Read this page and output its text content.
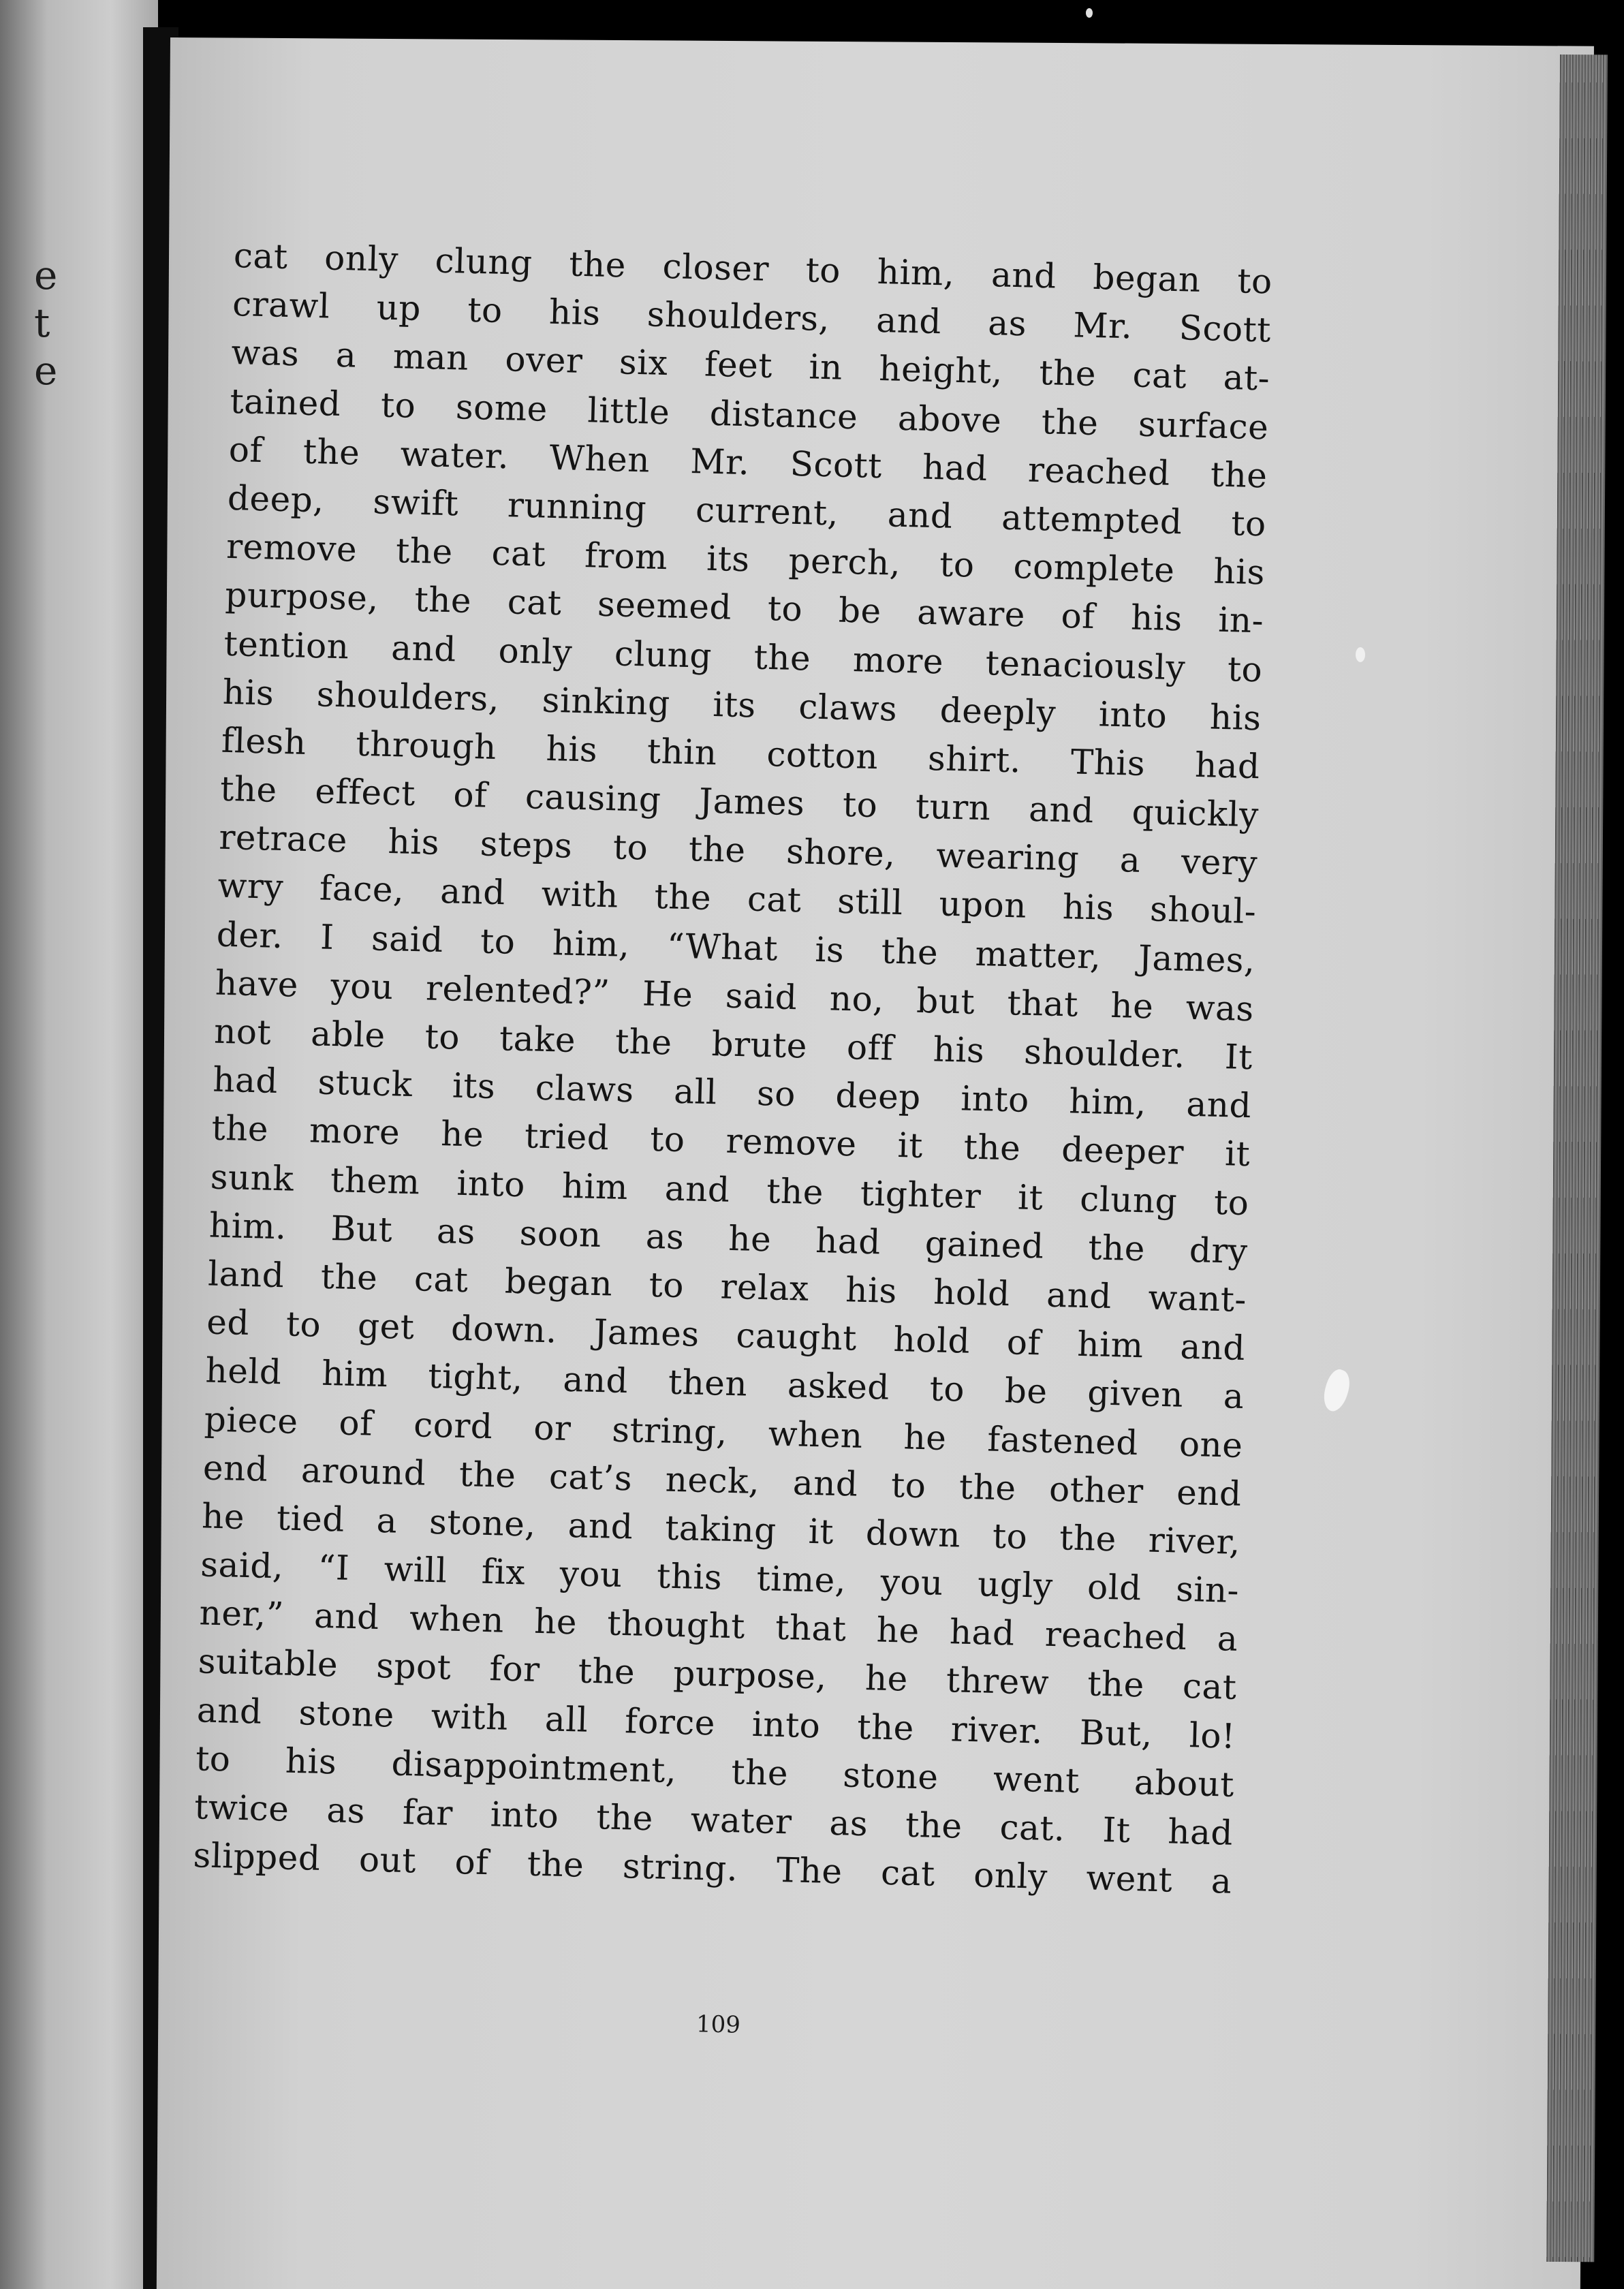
e
t
e
cat only clung the closer to him, and began to
crawl up to his shoulders, and as Mr. Scott
was a man over six feet in height, the cat at-
tained to some little distance above the surface
of the water. When Mr. Scott had reached the
deep, swift running current, and attempted to
remove the cat from its perch, to complete his
purpose, the cat seemed to be aware of his in-
tention and only clung the more tenaciously to
his shoulders, sinking its claws deeply into his
flesh through his thin cotton shirt. This had
the effect of causing James to turn and quickly
retrace his steps to the shore, wearing a very
wry face, and with the cat still upon his shoul-
der. I said to him, “What is the matter, James,
have you relented?” He said no, but that he was
not able to take the brute off his shoulder. It
had stuck its claws all so deep into him, and
the more he tried to remove it the deeper it
sunk them into him and the tighter it clung to
him. But as soon as he had gained the dry
land the cat began to relax his hold and want-
ed to get down. James caught hold of him and
held him tight, and then asked to be given a
piece of cord or string, when he fastened one
end around the cat’s neck, and to the other end
he tied a stone, and taking it down to the river,
said, “I will fix you this time, you ugly old sin-
ner,” and when he thought that he had reached a
suitable spot for the purpose, he threw the cat
and stone with all force into the river. But, lo!
to his disappointment, the stone went about
twice as far into the water as the cat. It had
slipped out of the string. The cat only went a
109
